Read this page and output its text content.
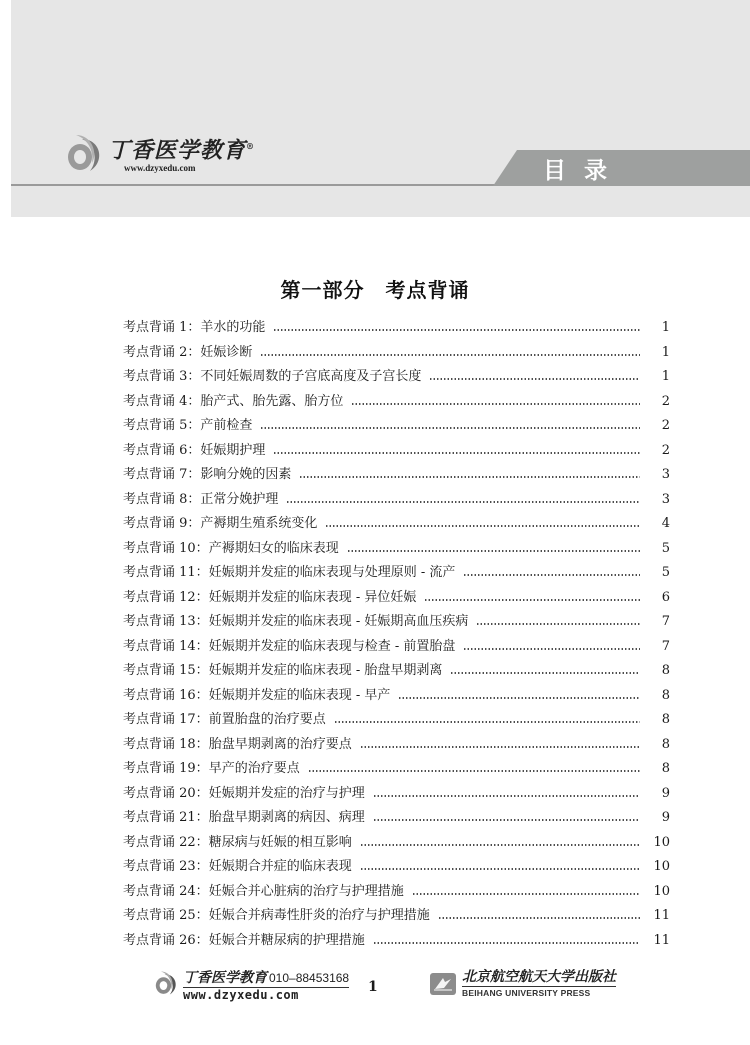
丁香医学教育®
www.dzyxedu.com	目录
第一部分　考点背诵
考点背诵 1： 羊水的功能	1
考点背诵 2： 妊娠诊断	1
考点背诵 3： 不同妊娠周数的子宫底高度及子宫长度	1
考点背诵 4： 胎产式、胎先露、胎方位	2
考点背诵 5： 产前检查	2
考点背诵 6： 妊娠期护理	2
考点背诵 7： 影响分娩的因素	3
考点背诵 8： 正常分娩护理	3
考点背诵 9： 产褥期生殖系统变化	4
考点背诵 10： 产褥期妇女的临床表现	5
考点背诵 11： 妊娠期并发症的临床表现与处理原则 - 流产	5
考点背诵 12： 妊娠期并发症的临床表现 - 异位妊娠	6
考点背诵 13： 妊娠期并发症的临床表现 - 妊娠期高血压疾病	7
考点背诵 14： 妊娠期并发症的临床表现与检查 - 前置胎盘	7
考点背诵 15： 妊娠期并发症的临床表现 - 胎盘早期剥离	8
考点背诵 16： 妊娠期并发症的临床表现 - 早产	8
考点背诵 17： 前置胎盘的治疗要点	8
考点背诵 18： 胎盘早期剥离的治疗要点	8
考点背诵 19： 早产的治疗要点	8
考点背诵 20： 妊娠期并发症的治疗与护理	9
考点背诵 21： 胎盘早期剥离的病因、病理	9
考点背诵 22： 糖尿病与妊娠的相互影响	10
考点背诵 23： 妊娠期合并症的临床表现	10
考点背诵 24： 妊娠合并心脏病的治疗与护理措施	10
考点背诵 25： 妊娠合并病毒性肝炎的治疗与护理措施	11
考点背诵 26： 妊娠合并糖尿病的护理措施	11
丁香医学教育 010–88453168
www.dzyxedu.com	1
北京航空航天大学出版社
BEIHANG UNIVERSITY PRESS
